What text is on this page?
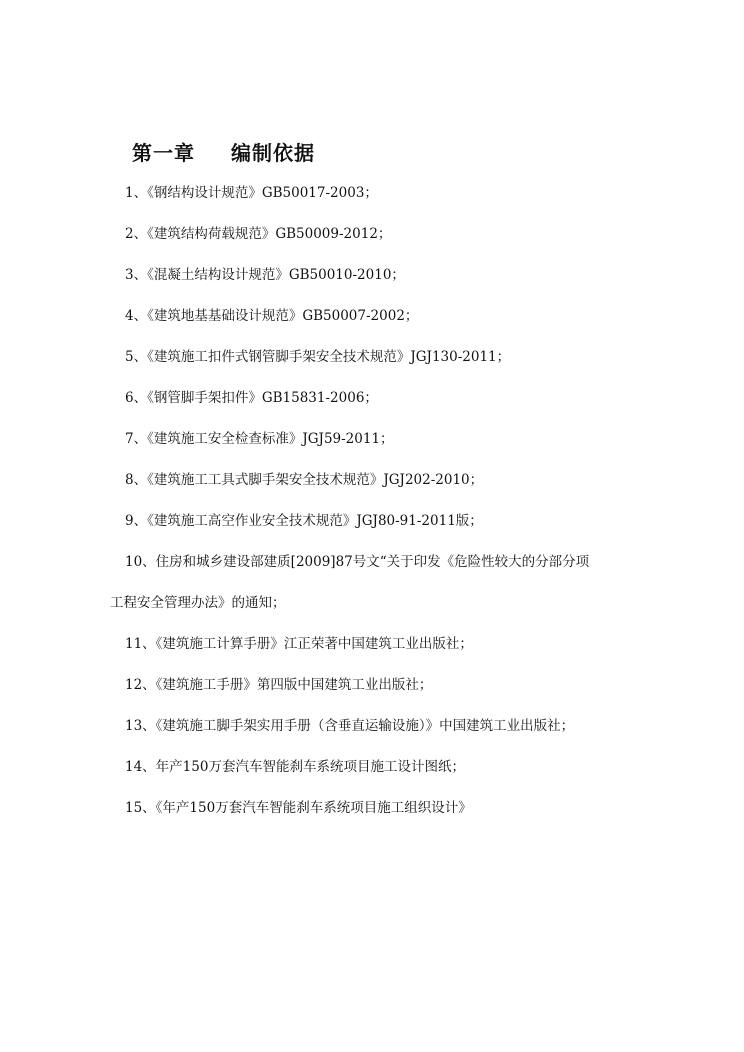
第一章 编制依据
1、《钢结构设计规范》GB50017-2003；
2、《建筑结构荷载规范》GB50009-2012；
3、《混凝土结构设计规范》GB50010-2010；
4、《建筑地基基础设计规范》GB50007-2002；
5、《建筑施工扣件式钢管脚手架安全技术规范》JGJ130-2011；
6、《钢管脚手架扣件》GB15831-2006；
7、《建筑施工安全检查标准》JGJ59-2011；
8、《建筑施工工具式脚手架安全技术规范》JGJ202-2010；
9、《建筑施工高空作业安全技术规范》JGJ80-91-2011版；
10、住房和城乡建设部建质[2009]87号文“关于印发《危险性较大的分部分项
工程安全管理办法》的通知；
11、《建筑施工计算手册》江正荣著中国建筑工业出版社；
12、《建筑施工手册》第四版中国建筑工业出版社；
13、《建筑施工脚手架实用手册（含垂直运输设施）》中国建筑工业出版社；
14、年产150万套汽车智能刹车系统项目施工设计图纸；
15、《年产150万套汽车智能刹车系统项目施工组织设计》
